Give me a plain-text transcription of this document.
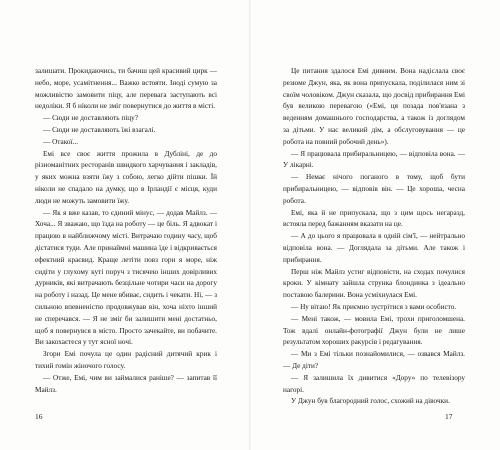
залишати. Прокидаючись, ти бачиш цей красивий цирк — небо, море, усамітнення... Важко встояти. Іноді сумую за можливістю замовити піцу, але перевага заступають всі недоліки. Я б ніколи не зміг повернутися до життя в місті.

— Сюди не доставляють піцу?

— Сюди не доставляють їжі взагалі.

— Отакої...

Емі все своє життя прожила в Дубліні, де до різноманітних ресторанів швидкого харчування і закладів, у яких можна взяти їжу з собою, легко дійти пішки. Їй ніколи не спадало на думку, що в Ірландії є місця, куди люди не можуть замовити їжу.

— Як я вже казав, то єдиний мінус, — додав Майлз. — Хоча... Я зважаю, що їзда на роботу — це біль. Я адвокат і працюю в найближчому місті. Витрачаю годину часу, щоб дістатися туди. Але принаймні машина їде і відкривається ефектний краєвид. Краще летіти повз гори я море, ніж сидіти у глухому куті поруч з тисячею інших довірливих дурників, які витрачають безцільне чотири часи на дорогу на роботу і назад. Це мене вбиває, сидить і чекати. Ні, — з сильною впевненістю продовжував він, хоча ніхто інший не сперечався. — Я не зміг би залишити мені достатньо, щоб я повернувся в місто. Просто зачекайте, ви побачите. Ви закохаєтеся у тут ясної ночі.

Згори Емі почула це один радісний дитячий крик і тихий гомін жіночого голосу.

— Отже, Емі, чим ви займалися раніше? — запитав її Майлз.

Це питання здалося Емі дивним. Вона надіслала своє резюме Джун, яка, як вона припускала, поділилася ним зі своїм чоловіком. Джун сказала, що досвід прибирання Емі був великою перевагою («Емі, ця позада пов'язана з веденням домашнього господарства, а також із доглядом за дітьми. У нас великий дім, а обслуговування — це робота на повний робочий день»).

— Я працювала прибиральницею, — відповіла вона. — У лікарні.

— Немає нічого поганого в тому, щоб бути прибиральницею, — відповів він. — Це хороша, чесна робота.

Емі, яка й не припускала, що з цим щось негаразд, встояла перед бажанням вказати на це.

— А до цього я працювала в одній сім'ї, — нейтрально відповіла вона. — Доглядала за дітьми. Але також і прибирання.

Перш ніж Майлз устиг відповісти, на сходах почулися кроки. У кімнату зайшла струнка блондинка з ідеально поставою балерини. Вона усміхнулася Емі.

— Ну вітаю! Як приємно зустрітися з вами особисто.

— Мені також, — мовила Емі, трохи приголомшена. Тож вдалі онлайн-фотографії Джун були не лише результатом хороших ракурсів і редагування.

— Ми з Емі тільки познайомилися, — озвався Майлз. — Де діти?

— Я залишила їх дивитися «Дору» по телевізору нагорі.

У Джун був благородний голос, схожий на дівочки.

16	17
